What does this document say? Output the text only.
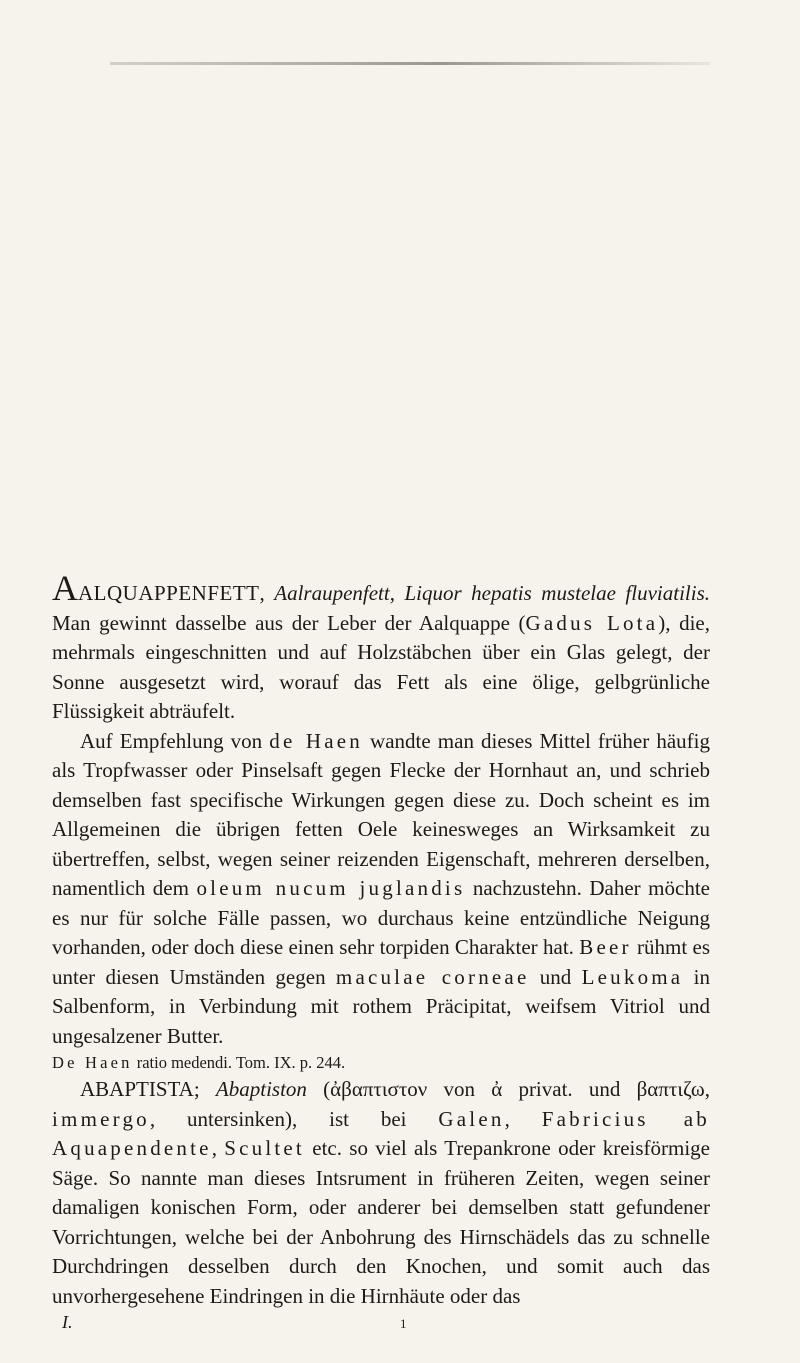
AALQUAPPENFETT, Aalraupenfett, Liquor hepatis mustelae fluviatilis. Man gewinnt dasselbe aus der Leber der Aalquappe (Gadus Lota), die, mehrmals eingeschnitten und auf Holzstäbchen über ein Glas gelegt, der Sonne ausgesetzt wird, worauf das Fett als eine ölige, gelbgrünliche Flüssigkeit abträufelt.

Auf Empfehlung von de Haen wandte man dieses Mittel früher häufig als Tropfwasser oder Pinselsaft gegen Flecke der Hornhaut an, und schrieb demselben fast specifische Wirkungen gegen diese zu. Doch scheint es im Allgemeinen die übrigen fetten Oele keinesweges an Wirksamkeit zu übertreffen, selbst, wegen seiner reizenden Eigenschaft, mehreren derselben, namentlich dem oleum nucum juglandis nachzustehn. Daher möchte es nur für solche Fälle passen, wo durchaus keine entzündliche Neigung vorhanden, oder doch diese einen sehr torpiden Charakter hat. Beer rühmt es unter diesen Umständen gegen maculae corneae und Leukoma in Salbenform, in Verbindung mit rothem Präcipitat, weifsem Vitriol und ungesalzener Butter.

De Haen ratio medendi. Tom. IX. p. 244.

ABAPTISTA; Abaptiston (ἀβαπτιστον von ἀ privat. und βαπτιζω, immergo, untersinken), ist bei Galen, Fabricius ab Aquapendente, Scultet etc. so viel als Trepankrone oder kreisförmige Säge. So nannte man dieses Intsrument in früheren Zeiten, wegen seiner damaligen konischen Form, oder anderer bei demselben statt gefundener Vorrichtungen, welche bei der Anbohrung des Hirnschädels das zu schnelle Durchdringen desselben durch den Knochen, und somit auch das unvorhergesehene Eindringen in die Hirnhäute oder das

I.	1
